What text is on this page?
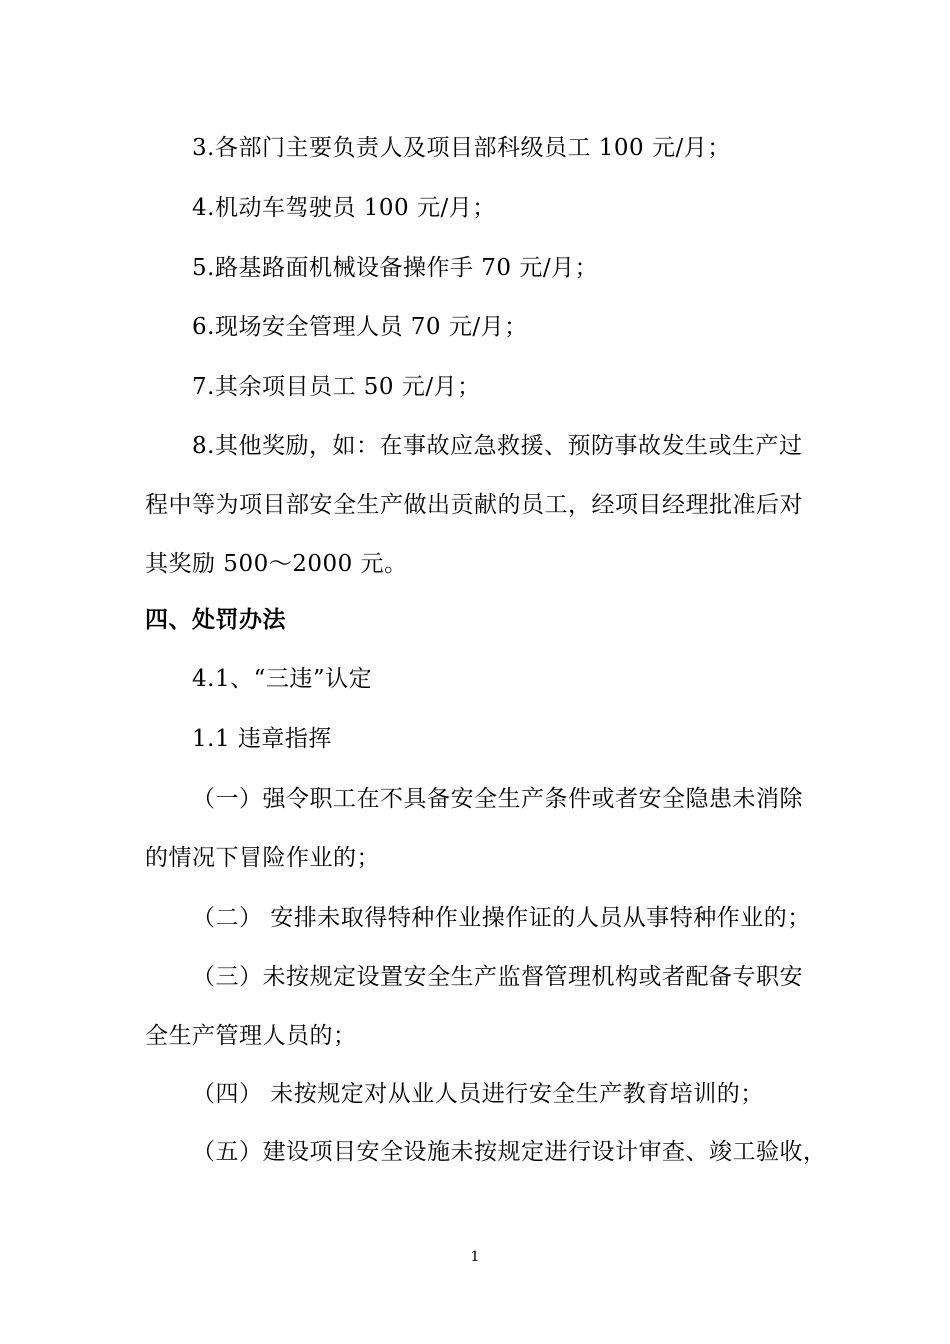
3.各部门主要负责人及项目部科级员工 100 元/月；
4.机动车驾驶员 100 元/月；
5.路基路面机械设备操作手 70 元/月；
6.现场安全管理人员 70 元/月；
7.其余项目员工 50 元/月；
8.其他奖励，如：在事故应急救援、预防事故发生或生产过
程中等为项目部安全生产做出贡献的员工，经项目经理批准后对
其奖励 500～2000 元。
四、处罚办法
4.1、“三违”认定
1.1 违章指挥
（一）强令职工在不具备安全生产条件或者安全隐患未消除
的情况下冒险作业的；
（二） 安排未取得特种作业操作证的人员从事特种作业的；
（三）未按规定设置安全生产监督管理机构或者配备专职安
全生产管理人员的；
（四） 未按规定对从业人员进行安全生产教育培训的；
（五）建设项目安全设施未按规定进行设计审查、竣工验收，
1
